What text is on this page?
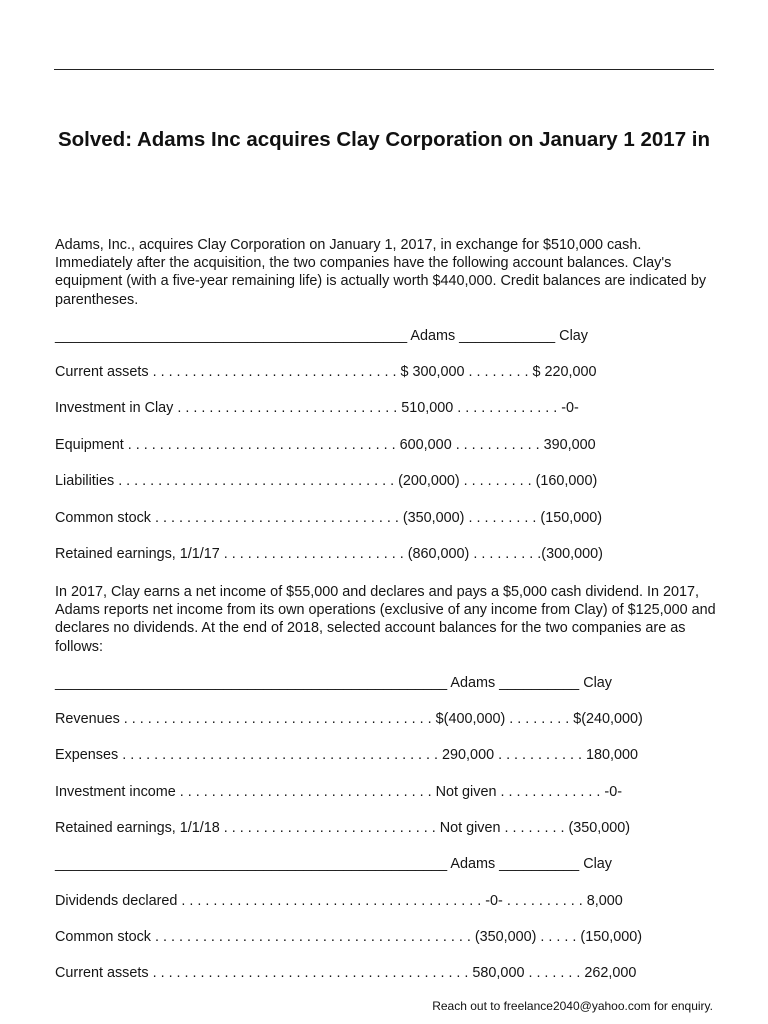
Solved: Adams Inc acquires Clay Corporation on January 1 2017 in
Adams, Inc., acquires Clay Corporation on January 1, 2017, in exchange for $510,000 cash. Immediately after the acquisition, the two companies have the following account balances. Clay's equipment (with a five-year remaining life) is actually worth $440,000. Credit balances are indicated by parentheses.
____________________________________________ Adams ____________ Clay
Current assets . . . . . . . . . . . . . . . . . . . . . . . . . . . . . . . $ 300,000 . . . . . . . . $ 220,000
Investment in Clay . . . . . . . . . . . . . . . . . . . . . . . . . . . . 510,000 . . . . . . . . . . . . . -0-
Equipment . . . . . . . . . . . . . . . . . . . . . . . . . . . . . . . . . . 600,000 . . . . . . . . . . . 390,000
Liabilities . . . . . . . . . . . . . . . . . . . . . . . . . . . . . . . . . . . (200,000) . . . . . . . . . (160,000)
Common stock . . . . . . . . . . . . . . . . . . . . . . . . . . . . . . . (350,000) . . . . . . . . . (150,000)
Retained earnings, 1/1/17 . . . . . . . . . . . . . . . . . . . . . . . (860,000) . . . . . . . . .(300,000)
In 2017, Clay earns a net income of $55,000 and declares and pays a $5,000 cash dividend. In 2017, Adams reports net income from its own operations (exclusive of any income from Clay) of $125,000 and declares no dividends. At the end of 2018, selected account balances for the two companies are as follows:
_________________________________________________ Adams __________ Clay
Revenues . . . . . . . . . . . . . . . . . . . . . . . . . . . . . . . . . . . . . . . $(400,000) . . . . . . . . $(240,000)
Expenses . . . . . . . . . . . . . . . . . . . . . . . . . . . . . . . . . . . . . . . . 290,000 . . . . . . . . . . . 180,000
Investment income . . . . . . . . . . . . . . . . . . . . . . . . . . . . . . . . Not given . . . . . . . . . . . . . -0-
Retained earnings, 1/1/18 . . . . . . . . . . . . . . . . . . . . . . . . . . . Not given . . . . . . . . (350,000)
_________________________________________________ Adams __________ Clay
Dividends declared . . . . . . . . . . . . . . . . . . . . . . . . . . . . . . . . . . . . . . -0- . . . . . . . . . . 8,000
Common stock . . . . . . . . . . . . . . . . . . . . . . . . . . . . . . . . . . . . . . . . (350,000) . . . . . (150,000)
Current assets . . . . . . . . . . . . . . . . . . . . . . . . . . . . . . . . . . . . . . . . 580,000 . . . . . . . 262,000
Reach out to freelance2040@yahoo.com for enquiry.
